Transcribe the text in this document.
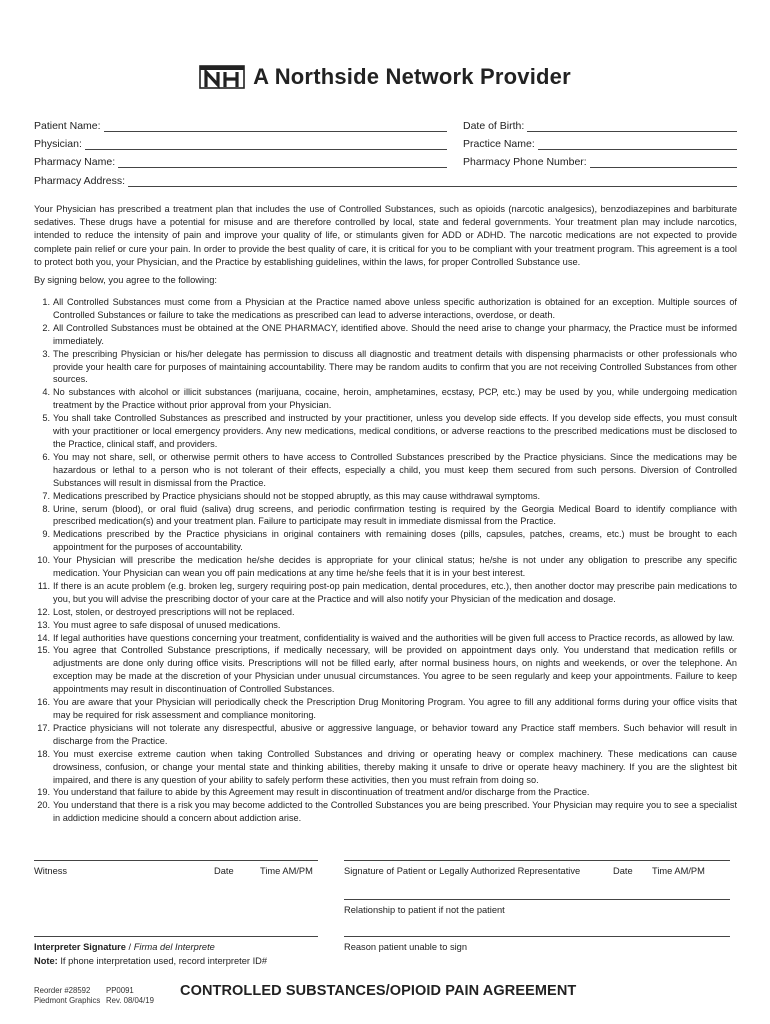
A Northside Network Provider
Patient Name:	Date of Birth:
Physician:	Practice Name:
Pharmacy Name:	Pharmacy Phone Number:
Pharmacy Address:

Your Physician has prescribed a treatment plan that includes the use of Controlled Substances, such as opioids (narcotic analgesics), benzodiazepines and barbiturate sedatives. These drugs have a potential for misuse and are therefore controlled by local, state and federal governments. Your treatment plan may include narcotics, intended to reduce the intensity of pain and improve your quality of life, or stimulants given for ADD or ADHD. The narcotic medications are not expected to provide complete pain relief or cure your pain. In order to provide the best quality of care, it is critical for you to be compliant with your treatment program. This agreement is a tool to protect both you, your Physician, and the Practice by establishing guidelines, within the laws, for proper Controlled Substance use.

By signing below, you agree to the following:

1. All Controlled Substances must come from a Physician at the Practice named above unless specific authorization is obtained for an exception. Multiple sources of Controlled Substances or failure to take the medications as prescribed can lead to adverse interactions, overdose, or death.
2. All Controlled Substances must be obtained at the ONE PHARMACY, identified above. Should the need arise to change your pharmacy, the Practice must be informed immediately.
3. The prescribing Physician or his/her delegate has permission to discuss all diagnostic and treatment details with dispensing pharmacists or other professionals who provide your health care for purposes of maintaining accountability. There may be random audits to confirm that you are not receiving Controlled Substances from other sources.
4. No substances with alcohol or illicit substances (marijuana, cocaine, heroin, amphetamines, ecstasy, PCP, etc.) may be used by you, while undergoing medication treatment by the Practice without prior approval from your Physician.
5. You shall take Controlled Substances as prescribed and instructed by your practitioner, unless you develop side effects. If you develop side effects, you must consult with your practitioner or local emergency providers. Any new medications, medical conditions, or adverse reactions to the prescribed medications must be disclosed to the Practice, clinical staff, and providers.
6. You may not share, sell, or otherwise permit others to have access to Controlled Substances prescribed by the Practice physicians. Since the medications may be hazardous or lethal to a person who is not tolerant of their effects, especially a child, you must keep them secured from such persons. Diversion of Controlled Substances will result in dismissal from the Practice.
7. Medications prescribed by Practice physicians should not be stopped abruptly, as this may cause withdrawal symptoms.
8. Urine, serum (blood), or oral fluid (saliva) drug screens, and periodic confirmation testing is required by the Georgia Medical Board to identify compliance with prescribed medication(s) and your treatment plan. Failure to participate may result in immediate dismissal from the Practice.
9. Medications prescribed by the Practice physicians in original containers with remaining doses (pills, capsules, patches, creams, etc.) must be brought to each appointment for the purposes of accountability.
10. Your Physician will prescribe the medication he/she decides is appropriate for your clinical status; he/she is not under any obligation to prescribe any specific medication. Your Physician can wean you off pain medications at any time he/she feels that it is in your best interest.
11. If there is an acute problem (e.g. broken leg, surgery requiring post-op pain medication, dental procedures, etc.), then another doctor may prescribe pain medications to you, but you will advise the prescribing doctor of your care at the Practice and will also notify your Physician of the medication and dosage.
12. Lost, stolen, or destroyed prescriptions will not be replaced.
13. You must agree to safe disposal of unused medications.
14. If legal authorities have questions concerning your treatment, confidentiality is waived and the authorities will be given full access to Practice records, as allowed by law.
15. You agree that Controlled Substance prescriptions, if medically necessary, will be provided on appointment days only. You understand that medication refills or adjustments are done only during office visits. Prescriptions will not be filled early, after normal business hours, on nights and weekends, or over the telephone. An exception may be made at the discretion of your Physician under unusual circumstances. You agree to be seen regularly and keep your appointments. Failure to keep appointments may result in discontinuation of Controlled Substances.
16. You are aware that your Physician will periodically check the Prescription Drug Monitoring Program. You agree to fill any additional forms during your office visits that may be required for risk assessment and compliance monitoring.
17. Practice physicians will not tolerate any disrespectful, abusive or aggressive language, or behavior toward any Practice staff members. Such behavior will result in discharge from the Practice.
18. You must exercise extreme caution when taking Controlled Substances and driving or operating heavy or complex machinery. These medications can cause drowsiness, confusion, or change your mental state and thinking abilities, thereby making it unsafe to drive or operate heavy machinery. If you are the slightest bit impaired, and there is any question of your ability to safely perform these activities, then you must refrain from doing so.
19. You understand that failure to abide by this Agreement may result in discontinuation of treatment and/or discharge from the Practice.
20. You understand that there is a risk you may become addicted to the Controlled Substances you are being prescribed. Your Physician may require you to see a specialist in addiction medicine should a concern about addiction arise.
Witness	Date	Time AM/PM	Signature of Patient or Legally Authorized Representative	Date Time AM/PM
Relationship to patient if not the patient
Interpreter Signature / Firma del Interprete
Note: If phone interpretation used, record interpreter ID#
Reason patient unable to sign
Reorder #28592
Piedmont Graphics
PP0091
Rev. 08/04/19
CONTROLLED SUBSTANCES/OPIOID PAIN AGREEMENT
